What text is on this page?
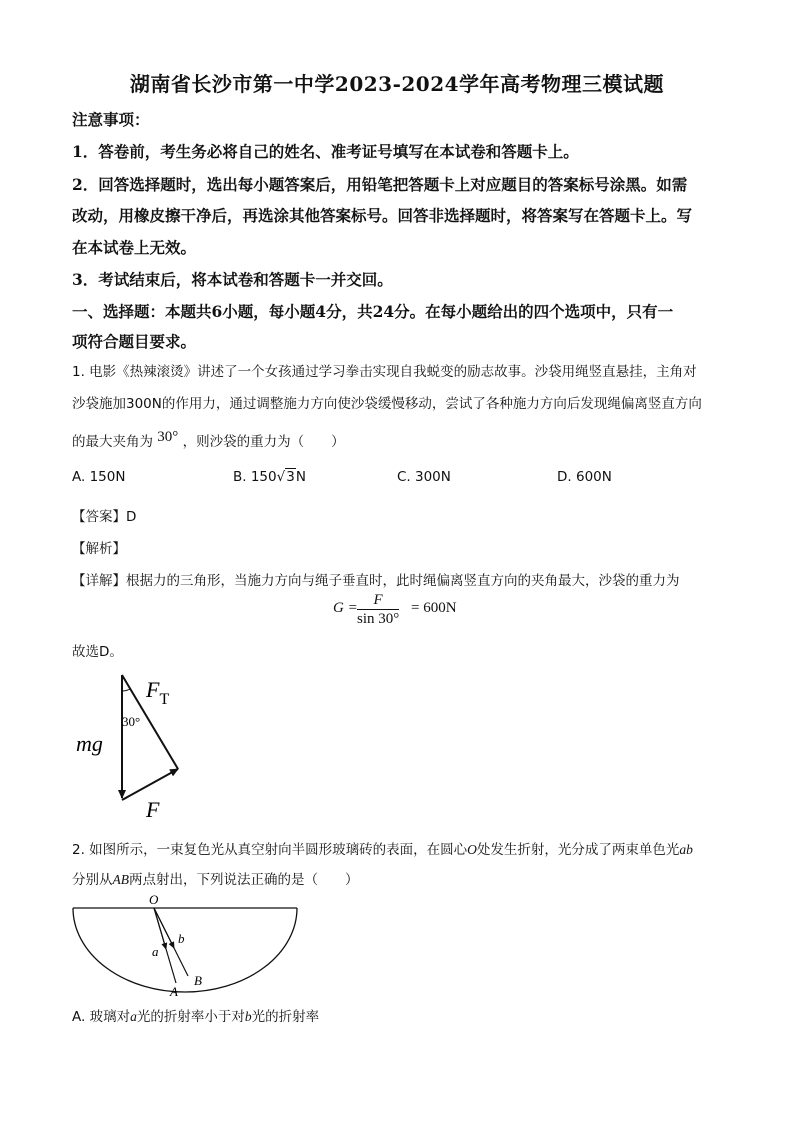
湖南省长沙市第一中学2023-2024学年高考物理三模试题
注意事项：
1．答卷前，考生务必将自己的姓名、准考证号填写在本试卷和答题卡上。
2．回答选择题时，选出每小题答案后，用铅笔把答题卡上对应题目的答案标号涂黑。如需
改动，用橡皮擦干净后，再选涂其他答案标号。回答非选择题时，将答案写在答题卡上。写
在本试卷上无效。
3．考试结束后，将本试卷和答题卡一并交回。
一、选择题：本题共6小题，每小题4分，共24分。在每小题给出的四个选项中，只有一
项符合题目要求。
1. 电影《热辣滚烫》讲述了一个女孩通过学习拳击实现自我蜕变的励志故事。沙袋用绳竖直悬挂，主角对
沙袋施加300N的作用力，通过调整施力方向使沙袋缓慢移动，尝试了各种施力方向后发现绳偏离竖直方向
的最大夹角为 30° ，则沙袋的重力为（　　）
A. 150N	B. 150√3N	C. 300N	D. 600N
【答案】D
【解析】
【详解】根据力的三角形，当施力方向与绳子垂直时，此时绳偏离竖直方向的夹角最大，沙袋的重力为
$G = \frac{F}{\sin 30^\circ} = 600N$
故选D。
$F_T$
30°
mg
F
2. 如图所示，一束复色光从真空射向半圆形玻璃砖的表面，在圆心O处发生折射，光分成了两束单色光ab
分别从AB两点射出，下列说法正确的是（　　）
O
a
b
A
B
A. 玻璃对a光的折射率小于对b光的折射率
